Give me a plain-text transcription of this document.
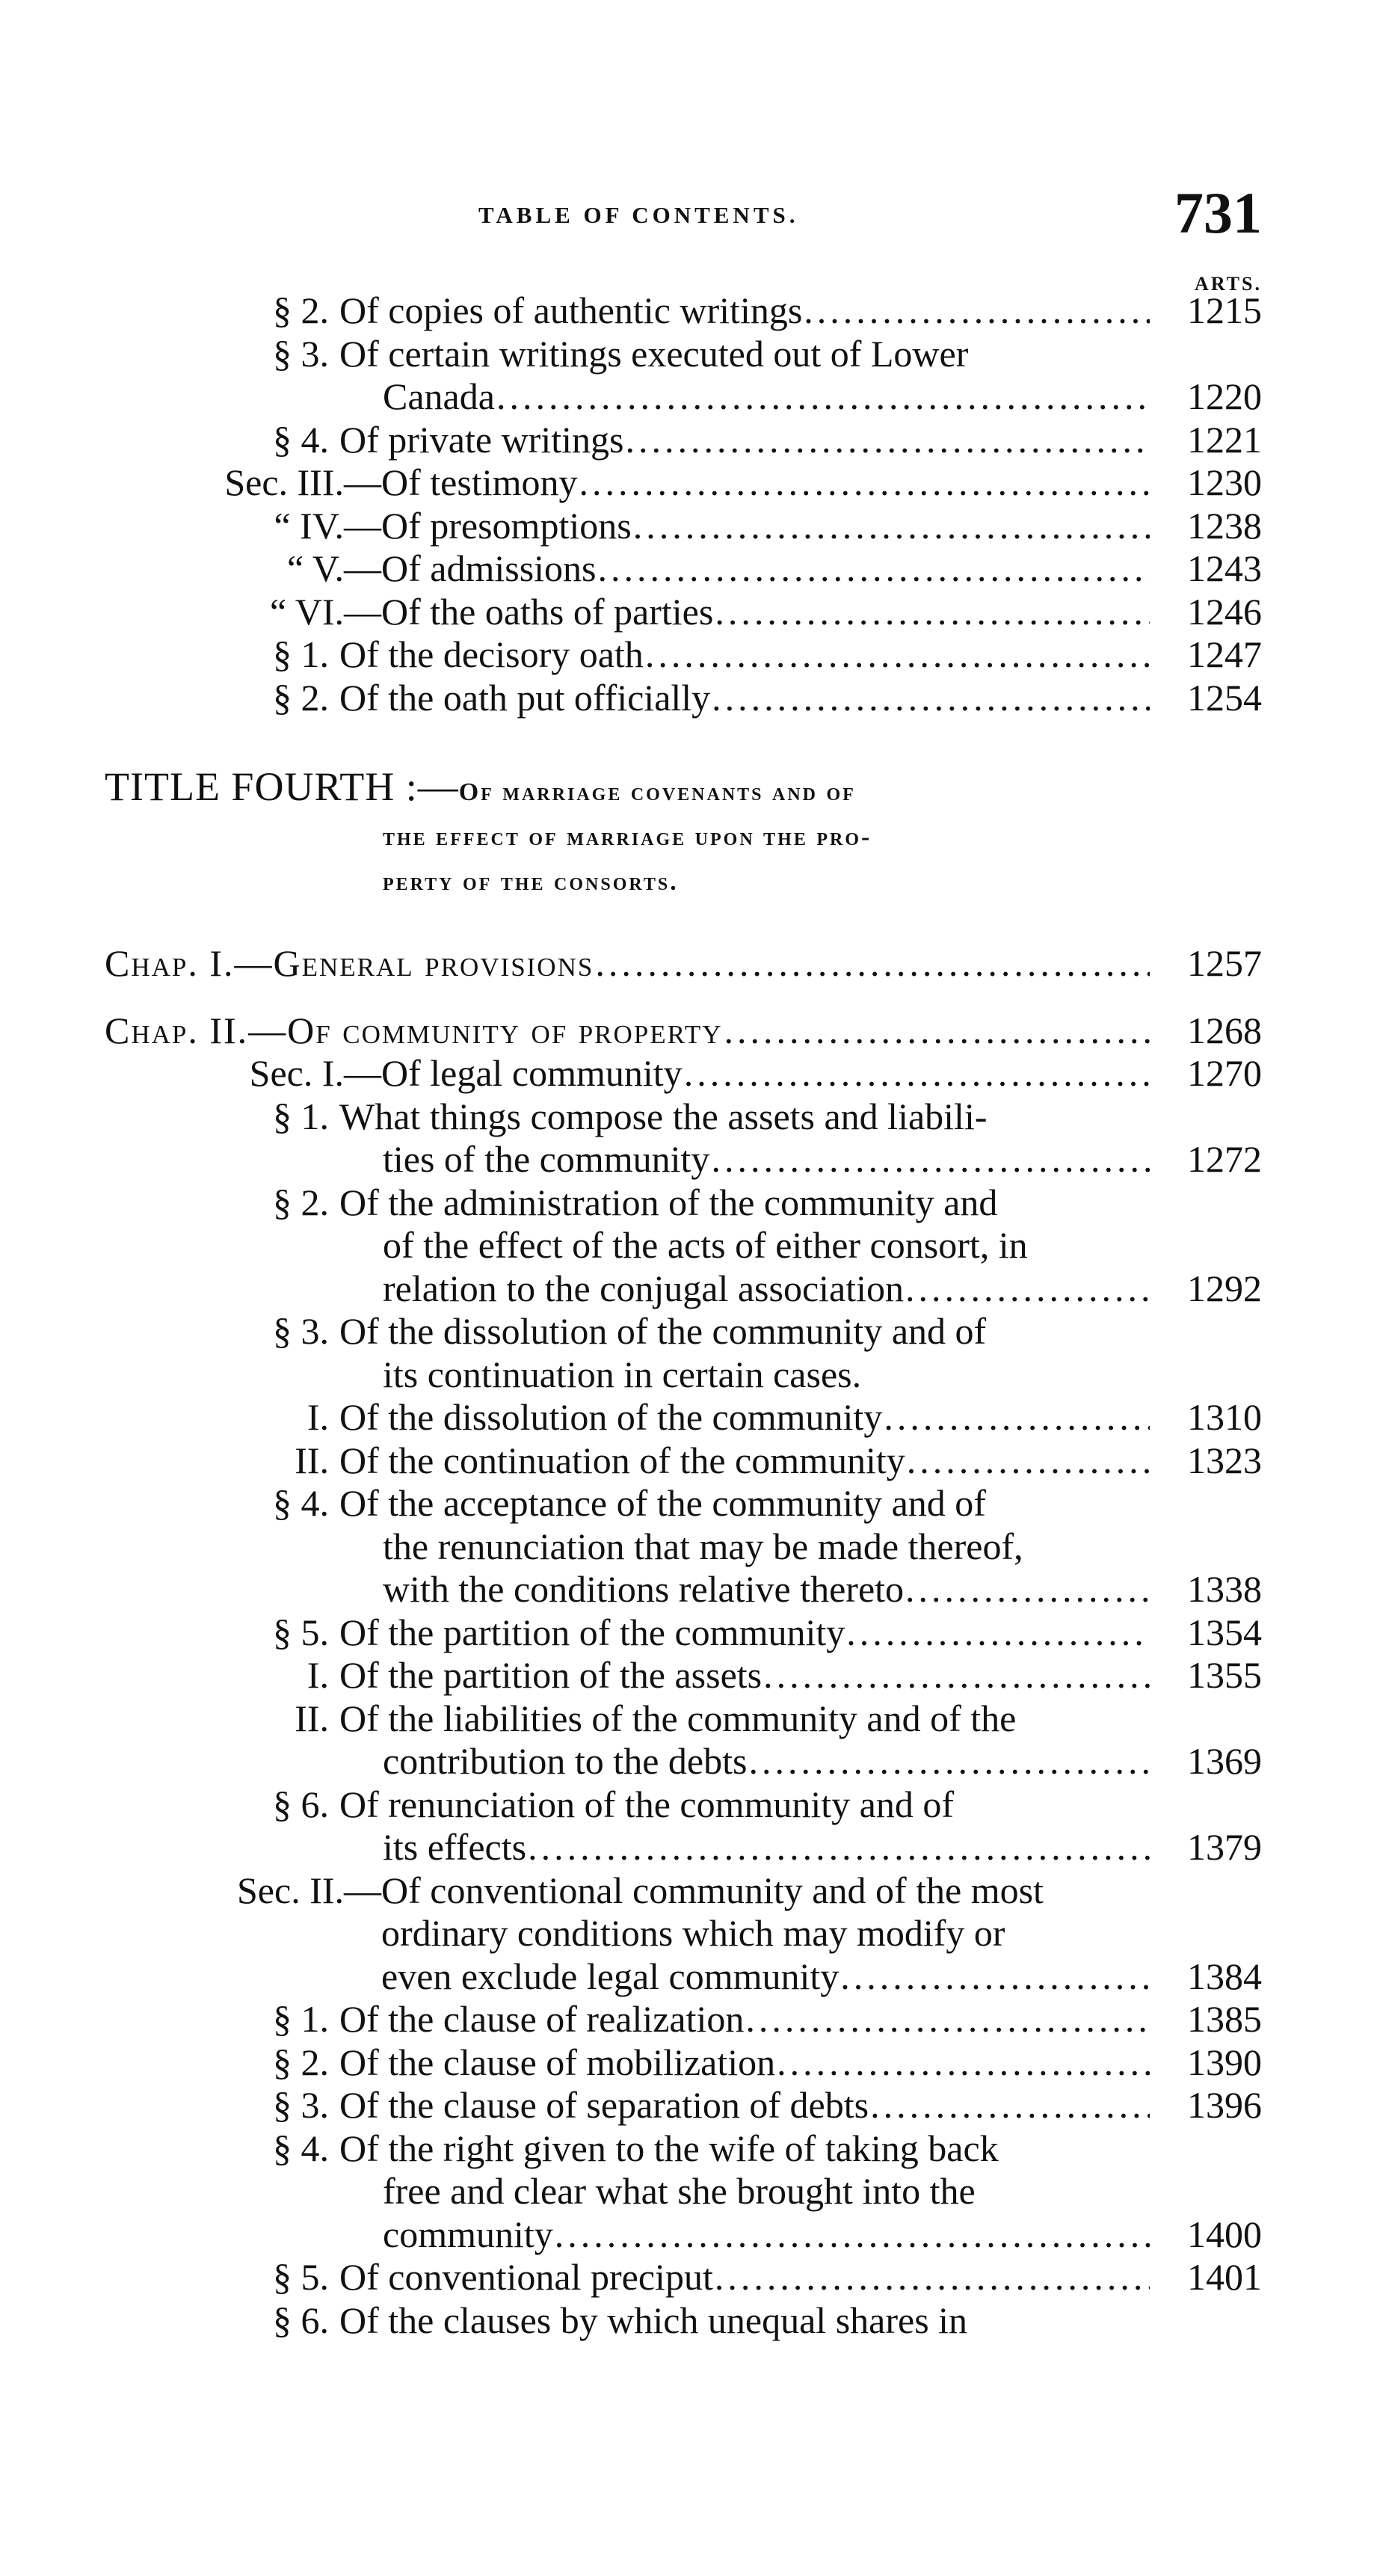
TABLE OF CONTENTS.	731
ARTS.
§ 2. Of copies of authentic writings .....	1215
§ 3. Of certain writings executed out of Lower
Canada .....	1220
§ 4. Of private writings .....	1221
Sec. III.— Of testimony .....	1230
“ IV.— Of presomptions .....	1238
“ V.— Of admissions .....	1243
“ VI.— Of the oaths of parties .....	1246
§ 1. Of the decisory oath .....	1247
§ 2. Of the oath put officially .....	1254
TITLE FOURTH :—Of marriage covenants and of
the effect of marriage upon the pro-
perty of the consorts.
Chap. I.— General provisions .....	1257
Chap. II.— Of community of property .....	1268
Sec. I.— Of legal community .....	1270
§ 1. What things compose the assets and liabili-
ties of the community .....	1272
§ 2. Of the administration of the community and
of the effect of the acts of either consort, in
relation to the conjugal association .....	1292
§ 3. Of the dissolution of the community and of
its continuation in certain cases.
I. Of the dissolution of the community .....	1310
II. Of the continuation of the community .....	1323
§ 4. Of the acceptance of the community and of
the renunciation that may be made thereof,
with the conditions relative thereto .....	1338
§ 5. Of the partition of the community .....	1354
I. Of the partition of the assets .....	1355
II. Of the liabilities of the community and of the
contribution to the debts .....	1369
§ 6. Of renunciation of the community and of
its effects .....	1379
Sec. II.— Of conventional community and of the most
ordinary conditions which may modify or
even exclude legal community .....	1384
§ 1. Of the clause of realization .....	1385
§ 2. Of the clause of mobilization .....	1390
§ 3. Of the clause of separation of debts .....	1396
§ 4. Of the right given to the wife of taking back
free and clear what she brought into the
community .....	1400
§ 5. Of conventional preciput .....	1401
§ 6. Of the clauses by which unequal shares in
